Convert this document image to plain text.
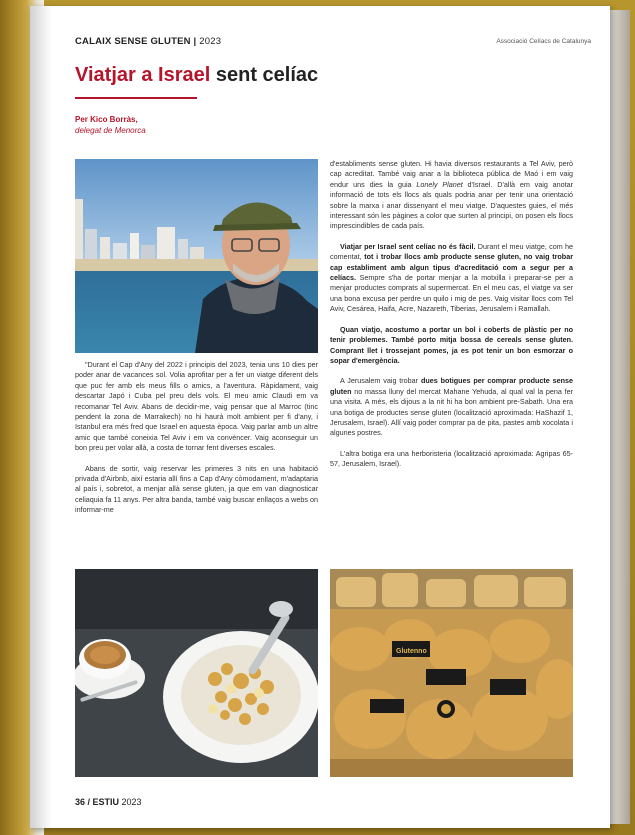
CALAIX SENSE GLUTEN | 2023	Associació Celíacs de Catalunya
Viatjar a Israel sent celíac
Per Kico Borràs,
delegat de Menorca
Glutenno

"Durant el Cap d'Any del 2022 i principis del 2023, tenia uns 10 dies per poder anar de vacances sol. Volia aprofitar per a fer un viatge diferent dels que puc fer amb els meus fills o amics, a l'aventura. Ràpidament, vaig descartar Japó i Cuba pel preu dels vols. El meu amic Claudi em va recomanar Tel Aviv. Abans de decidir-me, vaig pensar que al Marroc (tinc pendent la zona de Marrakech) no hi haurà molt ambient per fi d'any, i Istanbul era més fred que Israel en aquesta època. Vaig parlar amb un altre amic que també coneixia Tel Aviv i em va convèncer. Vaig aconseguir un bon preu per volar allà, a costa de tornar fent diverses escales.

Abans de sortir, vaig reservar les primeres 3 nits en una habitació privada d'Airbnb, així estaria allí fins a Cap d'Any còmodament, m'adaptaria al país i, sobretot, a menjar allà sense gluten, ja que em van diagnosticar celiaquia fa 11 anys. Per altra banda, també vaig buscar enllaços a webs on informar-me

d'establiments sense gluten. Hi havia diversos restaurants a Tel Aviv, però cap acreditat. També vaig anar a la biblioteca pública de Maó i em vaig endur uns dies la guia Lonely Planet d'Israel. D'allà em vaig anotar informació de tots els llocs als quals podria anar per tenir una orientació sobre la marxa i anar dissenyant el meu viatge. D'aquestes guies, el més interessant són les pàgines a color que surten al principi, on posen els llocs imprescindibles de cada país.

Viatjar per Israel sent celíac no és fàcil. Durant el meu viatge, com he comentat, tot i trobar llocs amb producte sense gluten, no vaig trobar cap establiment amb algun tipus d'acreditació com a segur per a celíacs. Sempre s'ha de portar menjar a la motxilla i preparar-se per a menjar productes comprats al supermercat. En el meu cas, el viatge va ser una bona excusa per perdre un quilo i mig de pes. Vaig visitar llocs com Tel Aviv, Cesárea, Haifa, Acre, Nazareth, Tiberias, Jerusalem i Ramallah.

Quan viatjo, acostumo a portar un bol i coberts de plàstic per no tenir problemes. També porto mitja bossa de cereals sense gluten. Comprant llet i trossejant pomes, ja es pot tenir un bon esmorzar o sopar d'emergència.

A Jerusalem vaig trobar dues botigues per comprar producte sense gluten no massa lluny del mercat Mahane Yehuda, al qual val la pena fer una visita. A més, els dijous a la nit hi ha bon ambient pre-Sabath. Una era una botiga de productes sense gluten (localització aproximada: HaShazif 1, Jerusalem, Israel). Allí vaig poder comprar pa de pita, pastes amb xocolata i algunes postres.

L'altra botiga era una herboristeria (localització aproximada: Agripas 65-57, Jerusalem, Israel).

36 / ESTIU 2023
